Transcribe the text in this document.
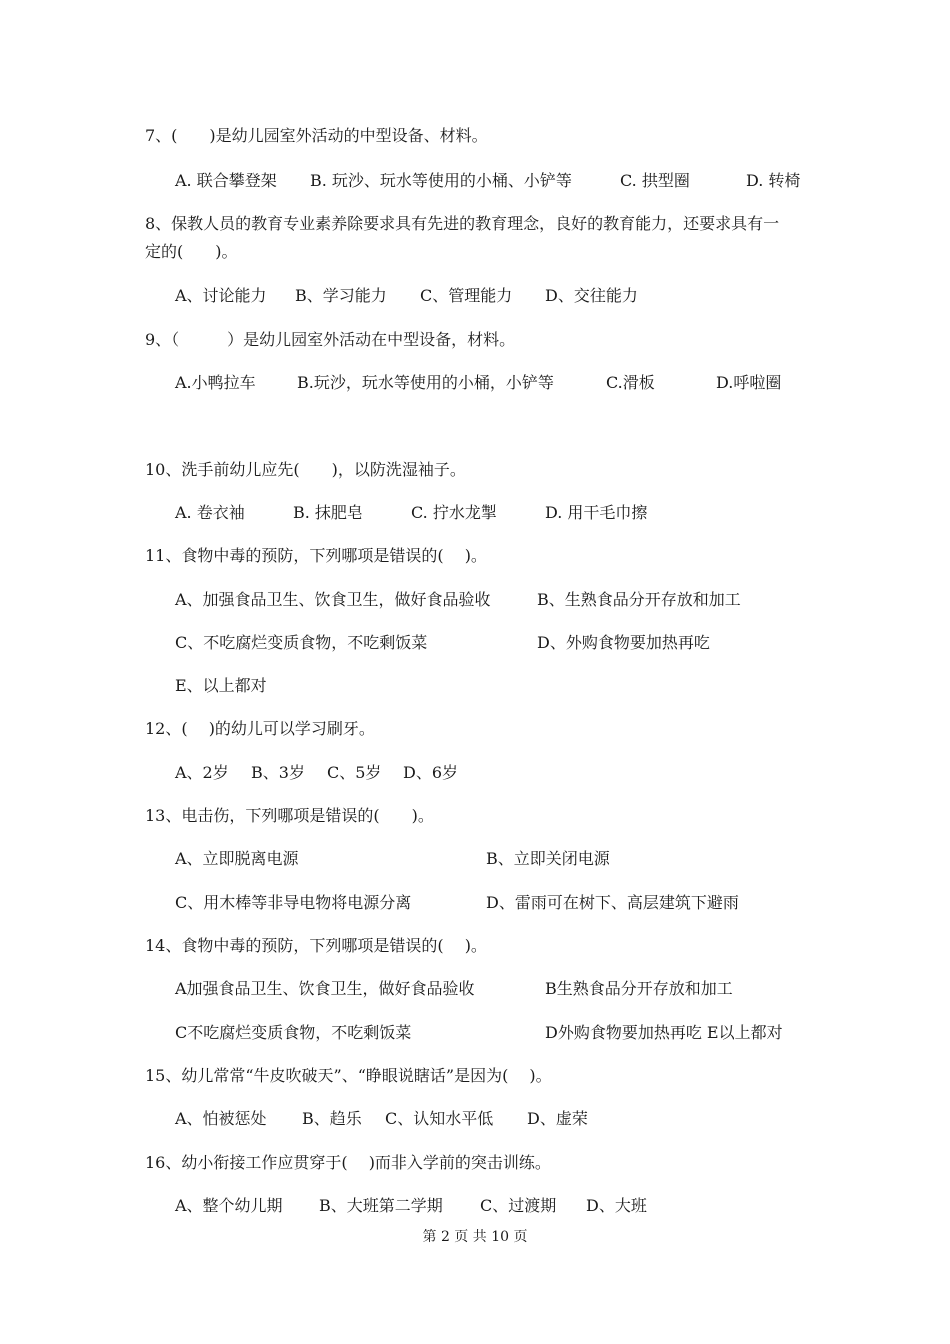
7、(　　)是幼儿园室外活动的中型设备、材料。
A. 联合攀登架 B. 玩沙、玩水等使用的小桶、小铲等	C. 拱型圈	D. 转椅
8、保教人员的教育专业素养除要求具有先进的教育理念，良好的教育能力，还要求具有一
定的(　　)。
A、讨论能力 B、学习能力 C、管理能力 D、交往能力
9、（　　　）是幼儿园室外活动在中型设备，材料。
A.小鸭拉车	B.玩沙，玩水等使用的小桶，小铲等	C.滑板	D.呼啦圈
10、洗手前幼儿应先(　　)，以防洗湿袖子。
A. 卷衣袖	B. 抹肥皂	C. 拧水龙掣	D. 用干毛巾擦
11、食物中毒的预防，下列哪项是错误的(　 )。
A、加强食品卫生、饮食卫生，做好食品验收	B、生熟食品分开存放和加工
C、不吃腐烂变质食物，不吃剩饭菜	D、外购食物要加热再吃
E、以上都对
12、(　 )的幼儿可以学习刷牙。
A、2岁 B、3岁 C、5岁 D、6岁
13、电击伤，下列哪项是错误的(　　)。
A、立即脱离电源	B、立即关闭电源
C、用木棒等非导电物将电源分离	D、雷雨可在树下、高层建筑下避雨
14、食物中毒的预防，下列哪项是错误的(　 )。
A加强食品卫生、饮食卫生，做好食品验收	B生熟食品分开存放和加工
C不吃腐烂变质食物，不吃剩饭菜	D外购食物要加热再吃 E以上都对
15、幼儿常常“牛皮吹破天”、“睁眼说瞎话”是因为(　 )。
A、怕被惩处 B、趋乐 C、认知水平低 D、虚荣
16、幼小衔接工作应贯穿于(　 )而非入学前的突击训练。
A、整个幼儿期 B、大班第二学期 C、过渡期 D、大班
第 2 页 共 10 页
